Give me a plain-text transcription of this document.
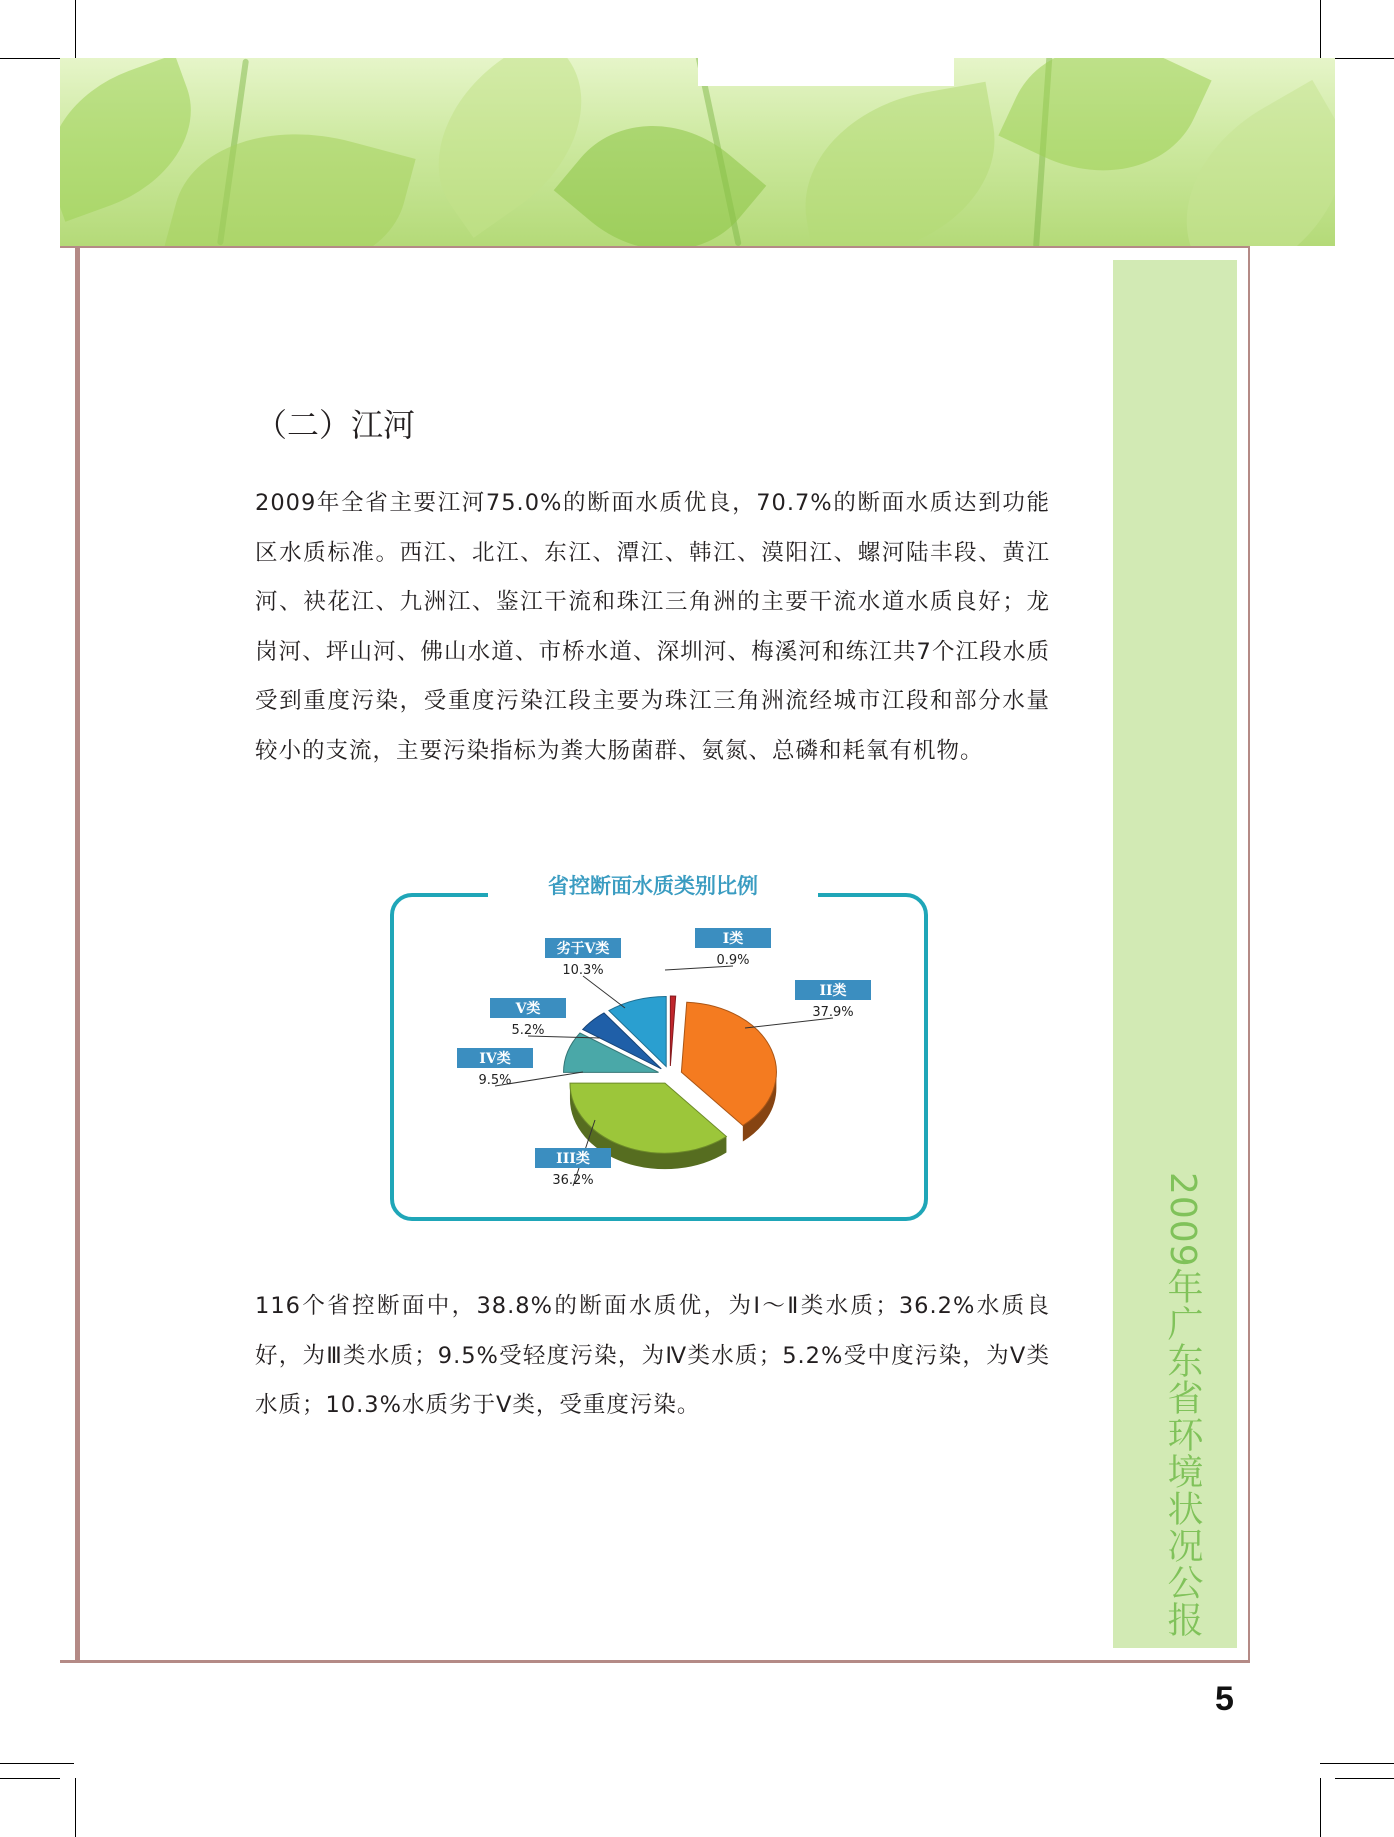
2009年广东省环境状况公报
（二）江河
2009年全省主要江河75.0%的断面水质优良，70.7%的断面水质达到功能区水质标准。西江、北江、东江、潭江、韩江、漠阳江、螺河陆丰段、黄江河、袂花江、九洲江、鉴江干流和珠江三角洲的主要干流水道水质良好；龙岗河、坪山河、佛山水道、市桥水道、深圳河、梅溪河和练江共7个江段水质受到重度污染，受重度污染江段主要为珠江三角洲流经城市江段和部分水量较小的支流，主要污染指标为粪大肠菌群、氨氮、总磷和耗氧有机物。
省控断面水质类别比例
I类
0.9%
II类
37.9%
III类
36.2%
IV类
9.5%
V类
5.2%
劣于V类
10.3%
116个省控断面中，38.8%的断面水质优，为Ⅰ～Ⅱ类水质；36.2%水质良好，为Ⅲ类水质；9.5%受轻度污染，为Ⅳ类水质；5.2%受中度污染，为Ⅴ类水质；10.3%水质劣于Ⅴ类，受重度污染。
5
